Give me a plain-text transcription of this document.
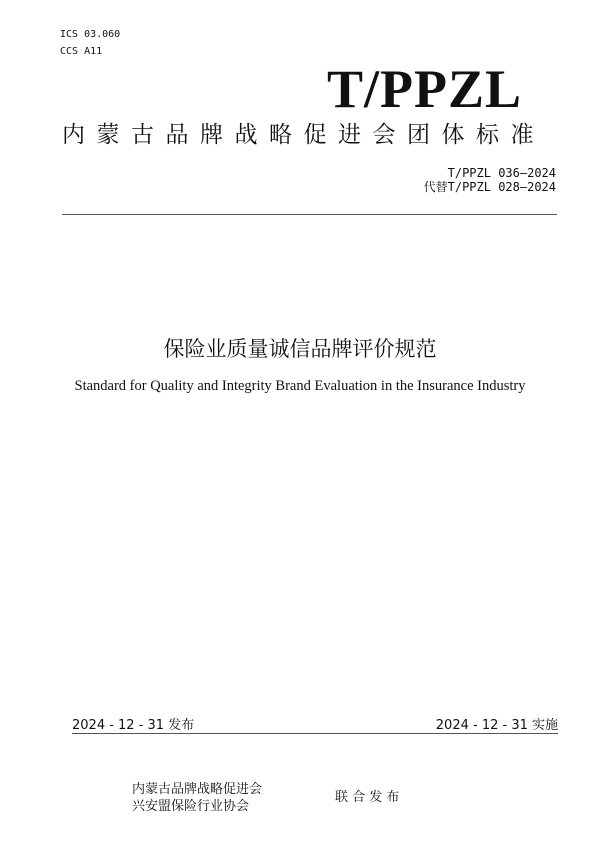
ICS 03.060
CCS A11
T/PPZL
内蒙古品牌战略促进会团体标准
T/PPZL 036—2024
代替T/PPZL 028—2024
保险业质量诚信品牌评价规范
Standard for Quality and Integrity Brand Evaluation in the Insurance Industry
2024 - 12 - 31 发布	2024 - 12 - 31 实施
内蒙古品牌战略促进会
兴安盟保险行业协会
联 合 发 布
